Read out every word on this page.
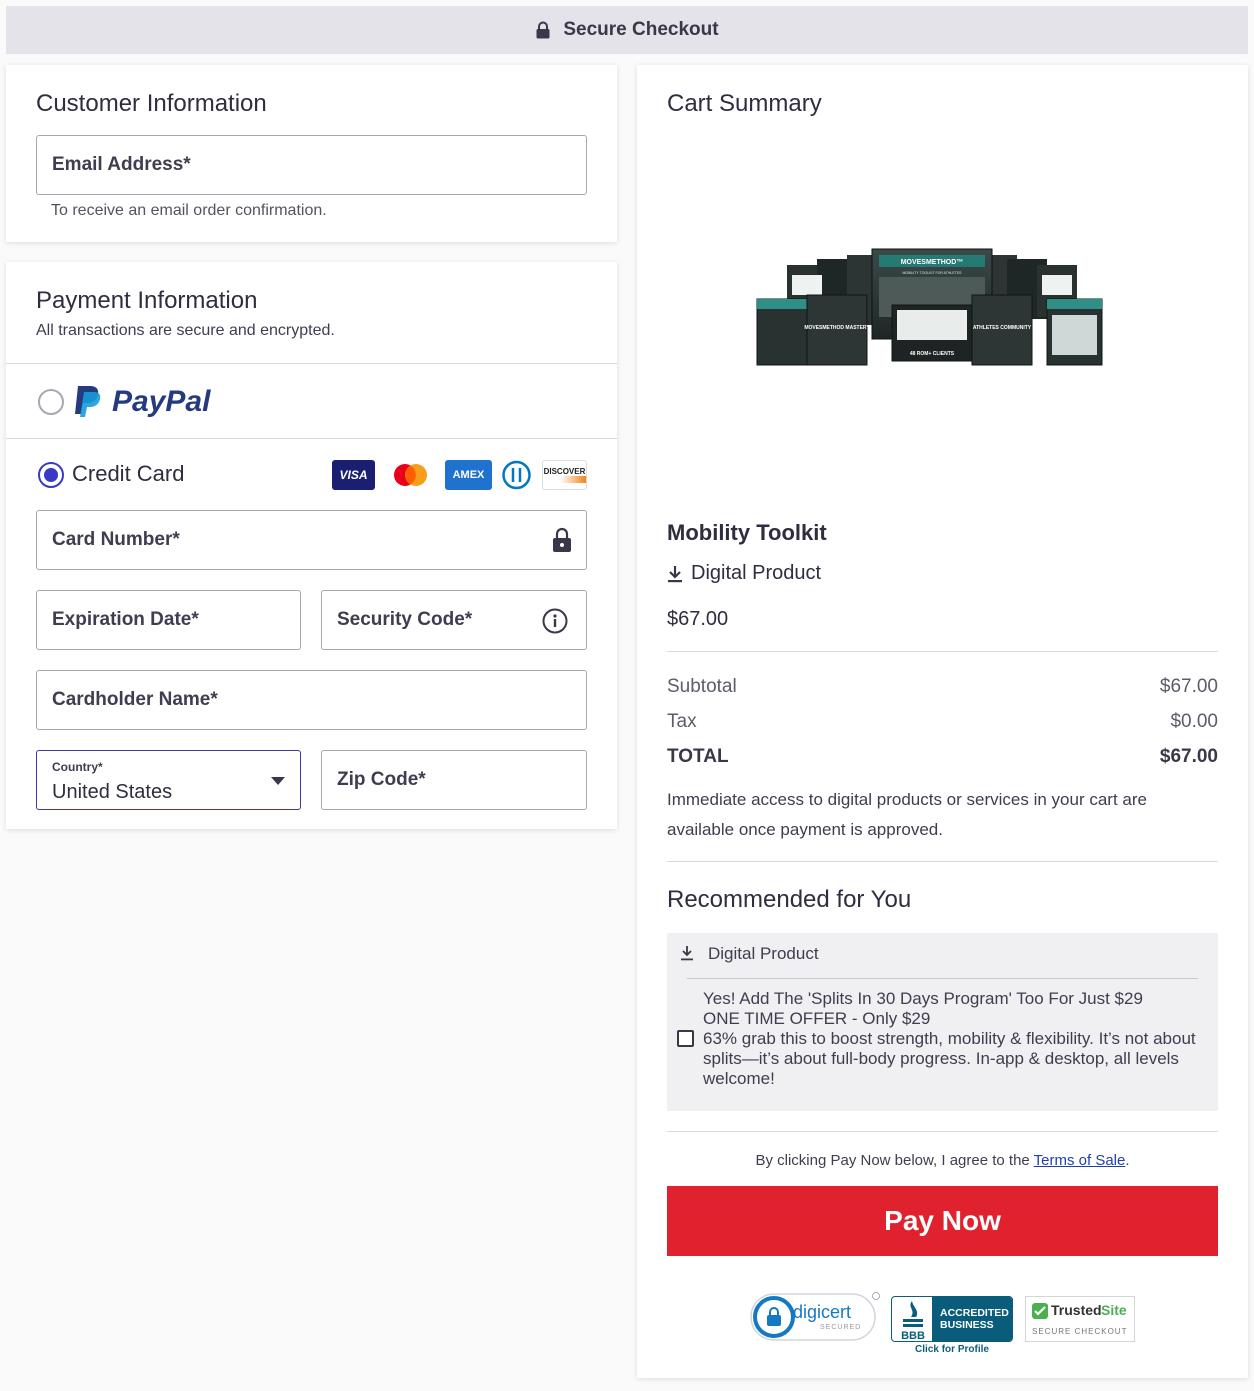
Secure Checkout
Customer Information
Email Address*
To receive an email order confirmation.
Payment Information
All transactions are secure and encrypted.
PayPal
Credit Card	VISA	AMEX	DISCOVER
Card Number*
Expiration Date*	Security Code*
Cardholder Name*
Country*
United States
Zip Code*
Cart Summary
MOVESMETHOD™
MOBILITY TOOLKIT FOR ATHLETES
MOVESMETHOD MASTERY
48 ROM+ CLIENTS
ATHLETES COMMUNITY
Mobility Toolkit
Digital Product
$67.00
Subtotal	$67.00
Tax	$0.00
TOTAL	$67.00
Immediate access to digital products or services in your cart are available once payment is approved.
Recommended for You
Digital Product
Yes! Add The 'Splits In 30 Days Program' Too For Just $29
ONE TIME OFFER - Only $29
63% grab this to boost strength, mobility & flexibility. It’s not about splits—it’s about full-body progress. In-app & desktop, all levels welcome!
By clicking Pay Now below, I agree to the Terms of Sale.
Pay Now
digicert
SECURED
BBB
ACCREDITED
BUSINESS
Click for Profile
Trusted Site
SECURE CHECKOUT
